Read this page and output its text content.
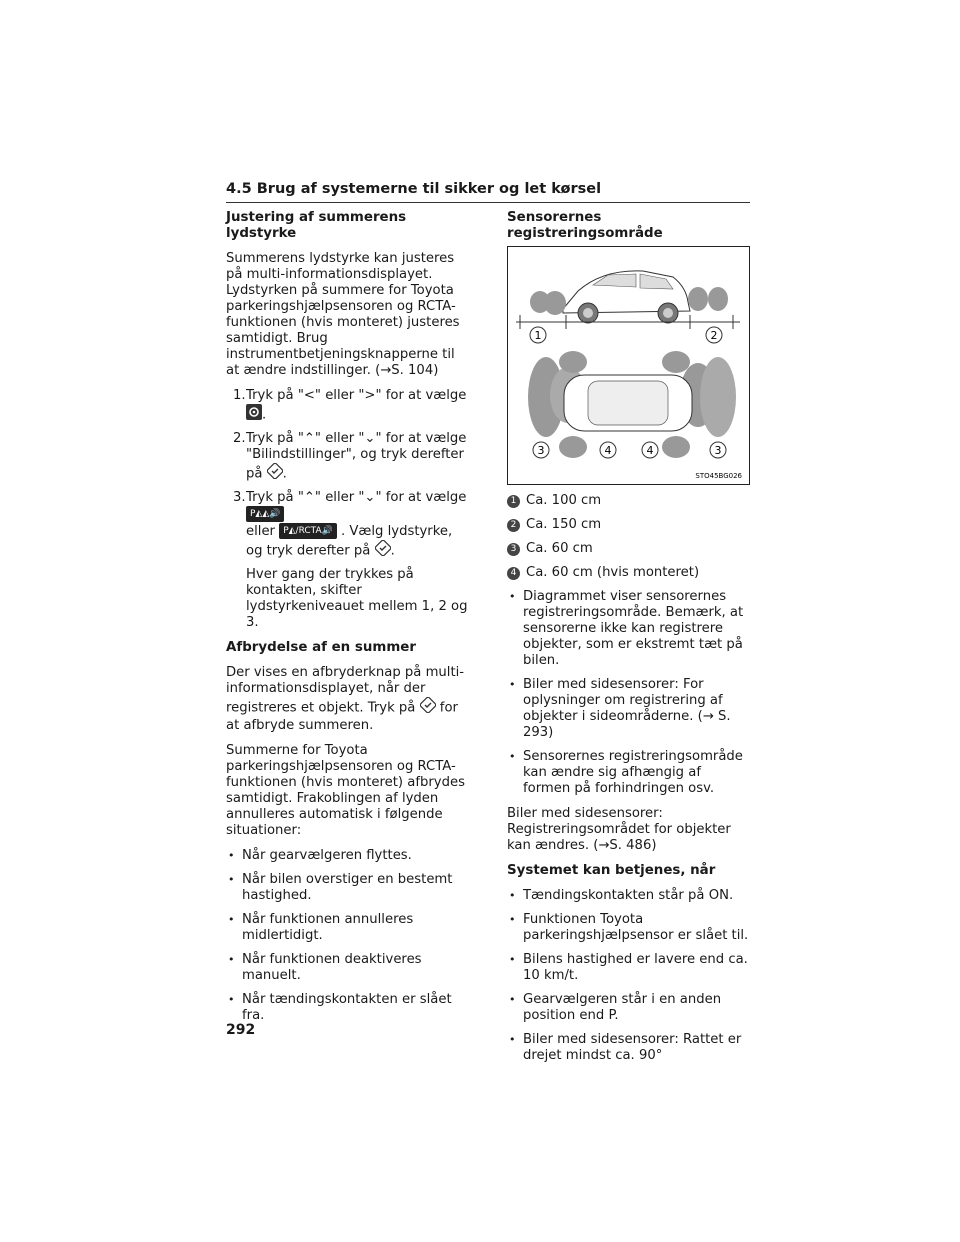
4.5 Brug af systemerne til sikker og let kørsel
Justering af summerens lydstyrke

Summerens lydstyrke kan justeres på multi-informationsdisplayet. Lydstyrken på summere for Toyota parkeringshjælpsensoren og RCTA-funktionen (hvis monteret) justeres samtidigt. Brug instrumentbetjeningsknapperne til at ændre indstillinger. (→S. 104)

1. Tryk på "<" eller ">" for at vælge .
2. Tryk på "⌃" eller "⌄" for at vælge "Bilindstillinger", og tryk derefter på .
3. Tryk på "⌃" eller "⌄" for at vælge P◭◭🔊
eller P◭/RCTA🔊 . Vælg lydstyrke, og tryk derefter på .

Hver gang der trykkes på kontakten, skifter lydstyrkeniveauet mellem 1, 2 og 3.

Afbrydelse af en summer

Der vises en afbryderknap på multi-informationsdisplayet, når der registreres et objekt. Tryk på for at afbryde summeren.

Summerne for Toyota parkeringshjælpsensoren og RCTA-funktionen (hvis monteret) afbrydes samtidigt. Frakoblingen af lyden annulleres automatisk i følgende situationer:

• Når gearvælgeren flyttes.
• Når bilen overstiger en bestemt hastighed.
• Når funktionen annulleres midlertidigt.
• Når funktionen deaktiveres manuelt.
• Når tændingskontakten er slået fra.
Sensorernes registreringsområde
1	2
3	4	4	3
STO45BG026
1 Ca. 100 cm
2 Ca. 150 cm
3 Ca. 60 cm
4 Ca. 60 cm (hvis monteret)
• Diagrammet viser sensorernes registreringsområde. Bemærk, at sensorerne ikke kan registrere objekter, som er ekstremt tæt på bilen.
• Biler med sidesensorer: For oplysninger om registrering af objekter i sideområderne. (→ S. 293)
• Sensorernes registreringsområde kan ændre sig afhængig af formen på forhindringen osv.

Biler med sidesensorer: Registreringsområdet for objekter kan ændres. (→S. 486)

Systemet kan betjenes, når
• Tændingskontakten står på ON.
• Funktionen Toyota parkeringshjælpsensor er slået til.
• Bilens hastighed er lavere end ca. 10 km/t.
• Gearvælgeren står i en anden position end P.
• Biler med sidesensorer: Rattet er drejet mindst ca. 90°
292
